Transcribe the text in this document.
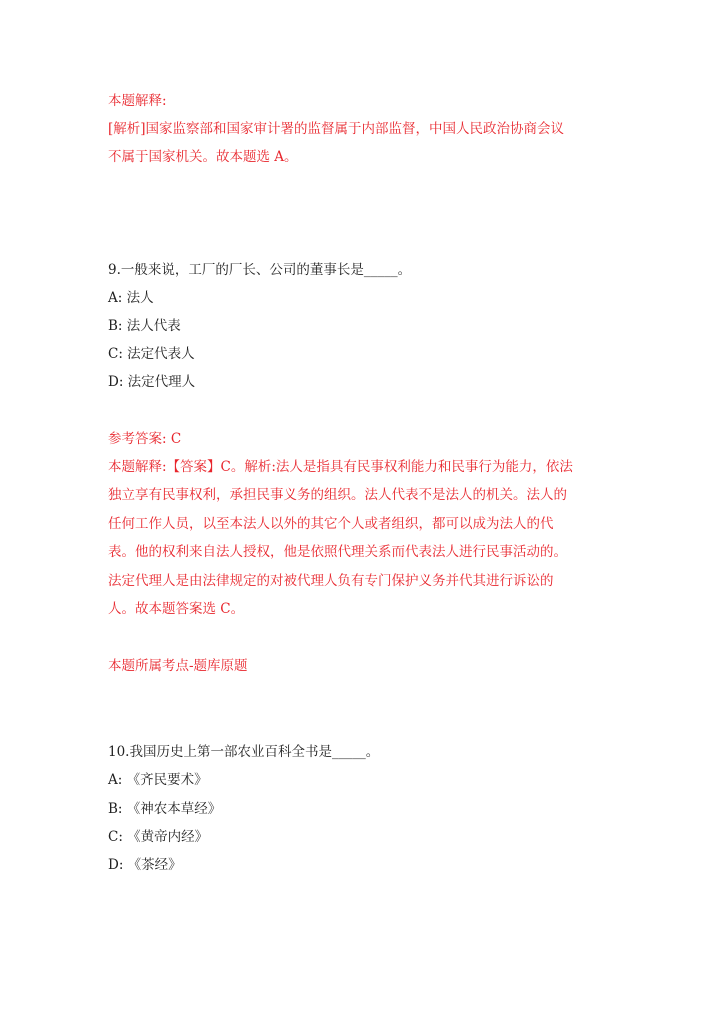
本题解释:
[解析]国家监察部和国家审计署的监督属于内部监督，中国人民政治协商会议
不属于国家机关。故本题选 A。
9.一般来说，工厂的厂长、公司的董事长是_____。
A: 法人
B: 法人代表
C: 法定代表人
D: 法定代理人
参考答案: C
本题解释:【答案】C。解析:法人是指具有民事权利能力和民事行为能力，依法
独立享有民事权利，承担民事义务的组织。法人代表不是法人的机关。法人的
任何工作人员，以至本法人以外的其它个人或者组织，都可以成为法人的代
表。他的权利来自法人授权，他是依照代理关系而代表法人进行民事活动的。
法定代理人是由法律规定的对被代理人负有专门保护义务并代其进行诉讼的
人。故本题答案选 C。
本题所属考点-题库原题
10.我国历史上第一部农业百科全书是_____。
A: 《齐民要术》
B: 《神农本草经》
C: 《黄帝内经》
D: 《茶经》
